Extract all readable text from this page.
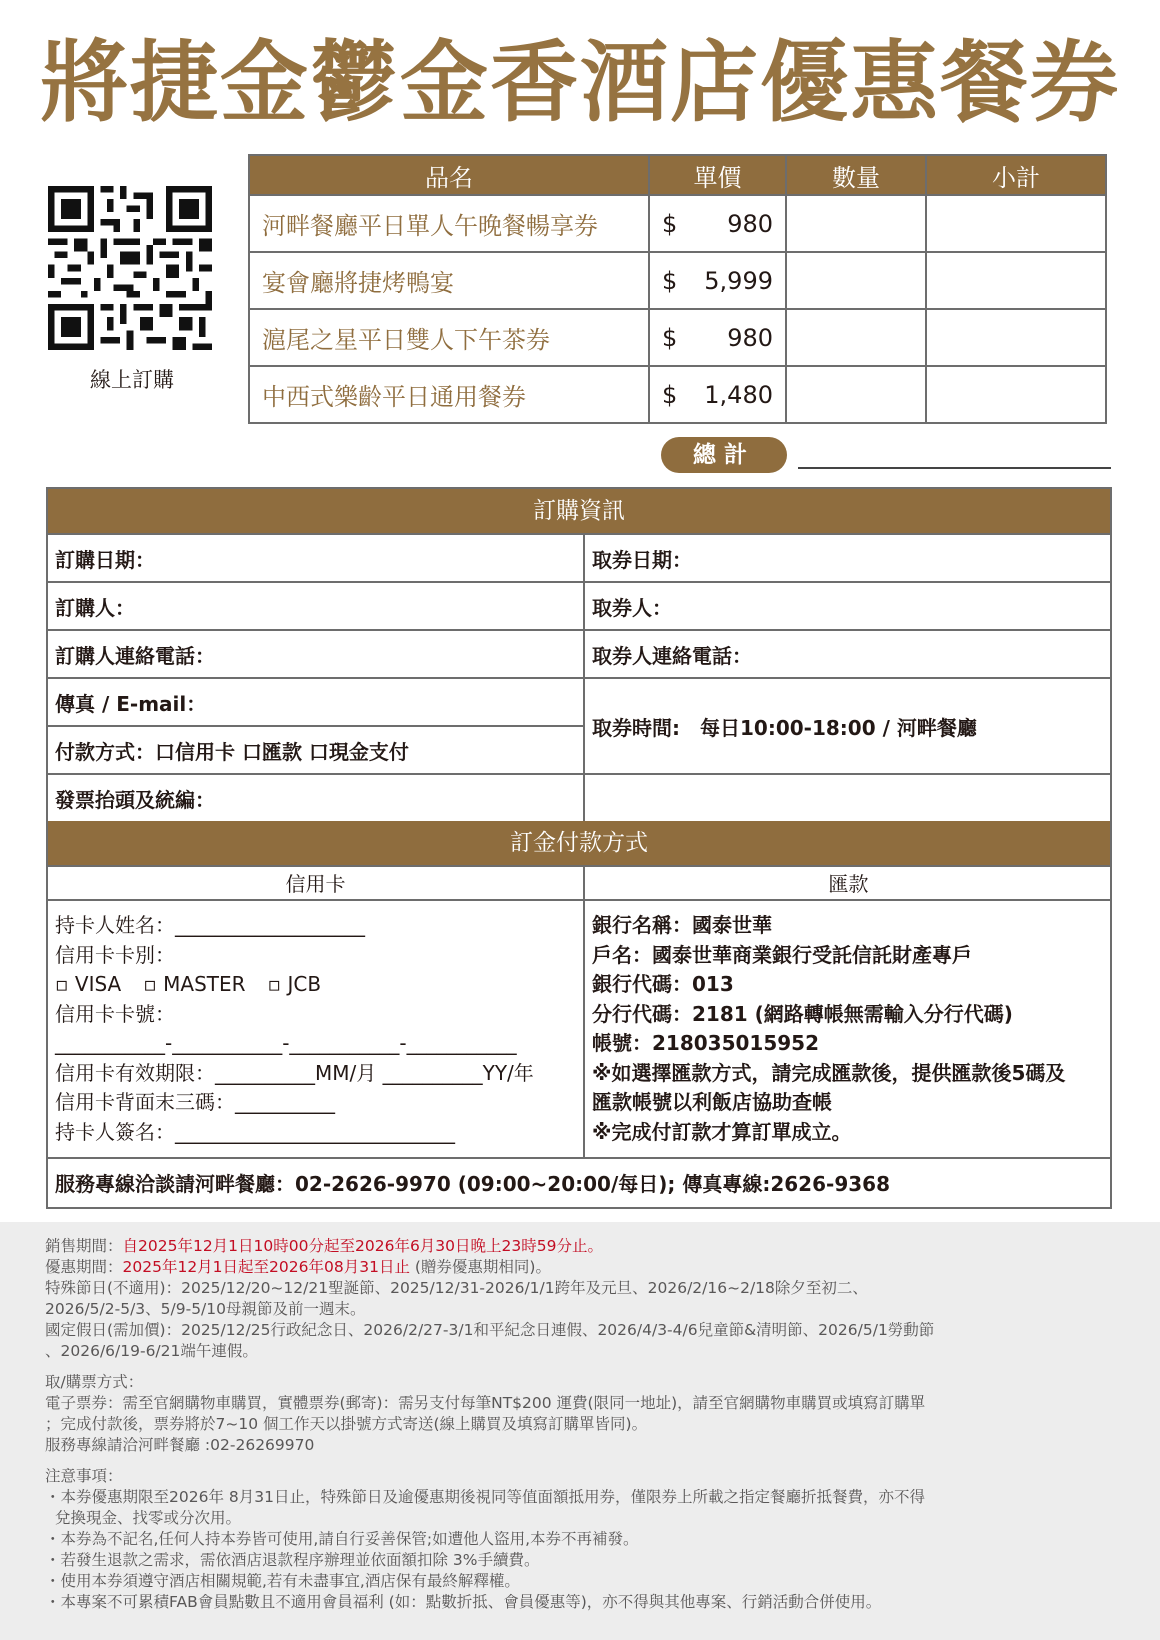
將捷金鬱金香酒店優惠餐券
線上訂購
品名	單價	數量	小計
河畔餐廳平日單人午晚餐暢享券	$ 980		

宴會廳將捷烤鴨宴	$ 5,999		

滬尾之星平日雙人下午茶券	$ 980		

中西式樂齡平日通用餐券	$ 1,480		

總計
訂購資訊
訂購日期：	取券日期：
訂購人：	取券人：
訂購人連絡電話：	取券人連絡電話：
傳真 / E-mail：
取券時間:　每日10:00-18:00 / 河畔餐廳
付款方式：口信用卡 口匯款 口現金支付
發票抬頭及統編：
訂金付款方式
信用卡	匯款
持卡人姓名：___________________
信用卡卡別：
▫ VISA ▫ MASTER ▫ JCB
信用卡卡號：
___________-___________-___________-___________
信用卡有效期限：__________MM/月 __________YY/年
信用卡背面末三碼：__________
持卡人簽名：____________________________
銀行名稱：國泰世華
戶名：國泰世華商業銀行受託信託財產專戶
銀行代碼：013
分行代碼：2181 (網路轉帳無需輸入分行代碼)
帳號：218035015952
※如選擇匯款方式，請完成匯款後，提供匯款後5碼及
匯款帳號以利飯店協助查帳
※完成付訂款才算訂單成立。
服務專線洽談請河畔餐廳：02-2626-9970 (09:00~20:00/每日); 傳真專線:2626-9368
銷售期間：自2025年12月1日10時00分起至2026年6月30日晚上23時59分止。
優惠期間：2025年12月1日起至2026年08月31日止 (贈券優惠期相同)。
特殊節日(不適用)：2025/12/20~12/21聖誕節、2025/12/31-2026/1/1跨年及元旦、2026/2/16~2/18除夕至初二、
2026/5/2-5/3、5/9-5/10母親節及前一週末。
國定假日(需加價)：2025/12/25行政紀念日、2026/2/27-3/1和平紀念日連假、2026/4/3-4/6兒童節&清明節、2026/5/1勞動節
、2026/6/19-6/21端午連假。
取/購票方式：
電子票券：需至官網購物車購買，實體票券(郵寄)：需另支付每筆NT$200 運費(限同一地址)，請至官網購物車購買或填寫訂購單
；完成付款後，票券將於7~10 個工作天以掛號方式寄送(線上購買及填寫訂購單皆同)。
服務專線請洽河畔餐廳 :02-26269970
注意事項：
・本券優惠期限至2026年 8月31日止，特殊節日及逾優惠期後視同等值面額抵用券，僅限券上所載之指定餐廳折抵餐費，亦不得
兌換現金、找零或分次用。
・本券為不記名,任何人持本券皆可使用,請自行妥善保管;如遭他人盜用,本券不再補發。
・若發生退款之需求，需依酒店退款程序辦理並依面額扣除 3%手續費。
・使用本券須遵守酒店相關規範,若有未盡事宜,酒店保有最終解釋權。
・本專案不可累積FAB會員點數且不適用會員福利 (如：點數折抵、會員優惠等)，亦不得與其他專案、行銷活動合併使用。
